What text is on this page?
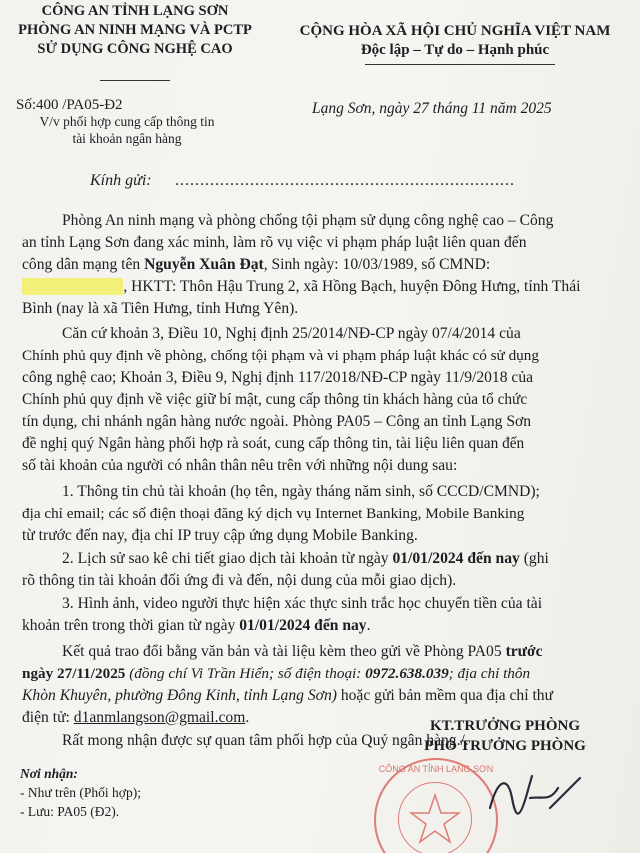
CÔNG AN TỈNH LẠNG SƠN
PHÒNG AN NINH MẠNG VÀ PCTP
SỬ DỤNG CÔNG NGHỆ CAO
CỘNG HÒA XÃ HỘI CHỦ NGHĨA VIỆT NAM
Độc lập – Tự do – Hạnh phúc
Số:400 /PA05-Đ2
V/v phối hợp cung cấp thông tin
tài khoản ngân hàng
Lạng Sơn, ngày 27 tháng 11 năm 2025
Kính gửi: ....................................................................
Phòng An ninh mạng và phòng chống tội phạm sử dụng công nghệ cao – Công
an tỉnh Lạng Sơn đang xác minh, làm rõ vụ việc vi phạm pháp luật liên quan đến
công dân mạng tên Nguyễn Xuân Đạt, Sinh ngày: 10/03/1989, số CMND:
, HKTT: Thôn Hậu Trung 2, xã Hồng Bạch, huyện Đông Hưng, tỉnh Thái
Bình (nay là xã Tiên Hưng, tỉnh Hưng Yên).
Căn cứ khoản 3, Điều 10, Nghị định 25/2014/NĐ-CP ngày 07/4/2014 của
Chính phủ quy định về phòng, chống tội phạm và vi phạm pháp luật khác có sử dụng
công nghệ cao; Khoản 3, Điều 9, Nghị định 117/2018/NĐ-CP ngày 11/9/2018 của
Chính phủ quy định về việc giữ bí mật, cung cấp thông tin khách hàng của tổ chức
tín dụng, chi nhánh ngân hàng nước ngoài. Phòng PA05 – Công an tỉnh Lạng Sơn
đề nghị quý Ngân hàng phối hợp rà soát, cung cấp thông tin, tài liệu liên quan đến
số tài khoản của người có nhân thân nêu trên với những nội dung sau:
1. Thông tin chủ tài khoản (họ tên, ngày tháng năm sinh, số CCCD/CMND);
địa chỉ email; các số điện thoại đăng ký dịch vụ Internet Banking, Mobile Banking
từ trước đến nay, địa chỉ IP truy cập ứng dụng Mobile Banking.
2. Lịch sử sao kê chi tiết giao dịch tài khoản từ ngày 01/01/2024 đến nay (ghi
rõ thông tin tài khoản đối ứng đi và đến, nội dung của mỗi giao dịch).
3. Hình ảnh, video người thực hiện xác thực sinh trắc học chuyển tiền của tài
khoản trên trong thời gian từ ngày 01/01/2024 đến nay.
Kết quả trao đổi bằng văn bản và tài liệu kèm theo gửi về Phòng PA05 trước
ngày 27/11/2025 (đồng chí Vi Trần Hiến; số điện thoại: 0972.638.039; địa chỉ thôn
Khòn Khuyên, phường Đông Kinh, tỉnh Lạng Sơn) hoặc gửi bản mềm qua địa chỉ thư
điện tử: d1anmlangson@gmail.com.
Rất mong nhận được sự quan tâm phối hợp của Quý ngân hàng./.
Nơi nhận:
- Như trên (Phối hợp);
- Lưu: PA05 (Đ2).
KT.TRƯỞNG PHÒNG
PHÓ TRƯỞNG PHÒNG
CÔNG AN TỈNH LẠNG SƠN
